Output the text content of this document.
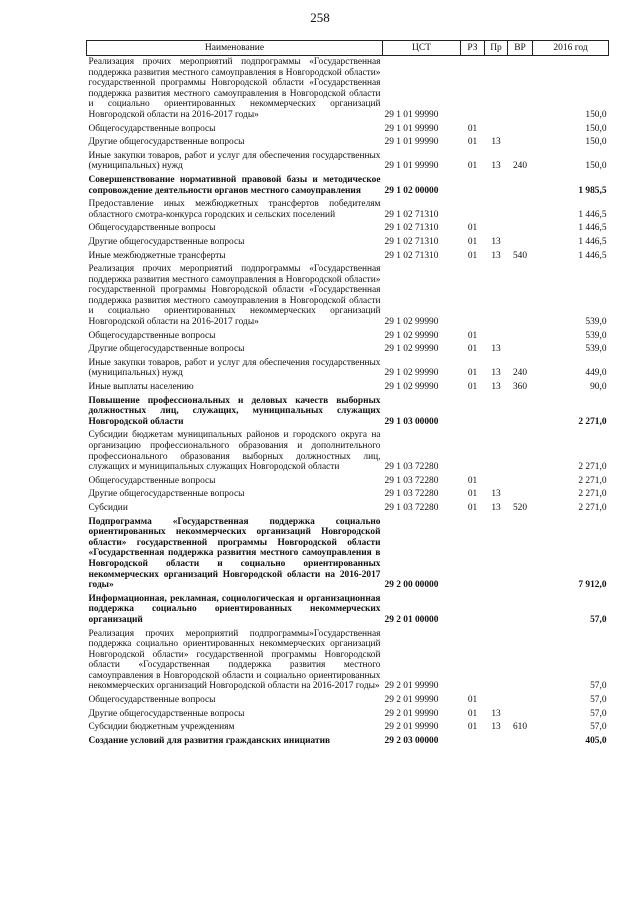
258
Наименование	ЦСТ	РЗ	Пр	ВР	2016 год
Реализация прочих мероприятий подпрограммы «Государственная поддержка развития местного самоуправления в Новгородской области» государственной программы Новгородской области «Государственная поддержка развития местного самоуправления в Новгородской области и социально ориентированных некоммерческих организаций Новгородской области на 2016-2017 годы»	29 1 01 99990				150,0
Общегосударственные вопросы	29 1 01 99990	01			150,0
Другие общегосударственные вопросы	29 1 01 99990	01	13		150,0
Иные закупки товаров, работ и услуг для обеспечения государственных (муниципальных) нужд	29 1 01 99990	01	13	240	150,0
Совершенствование нормативной правовой базы и методическое сопровождение деятельности органов местного самоуправления	29 1 02 00000				1 985,5
Предоставление иных межбюджетных трансфертов победителям областного смотра-конкурса городских и сельских поселений	29 1 02 71310				1 446,5
Общегосударственные вопросы	29 1 02 71310	01			1 446,5
Другие общегосударственные вопросы	29 1 02 71310	01	13		1 446,5
Иные межбюджетные трансферты	29 1 02 71310	01	13	540	1 446,5
Реализация прочих мероприятий подпрограммы «Государственная поддержка развития местного самоуправления в Новгородской области» государственной программы Новгородской области «Государственная поддержка развития местного самоуправления в Новгородской области и социально ориентированных некоммерческих организаций Новгородской области на 2016-2017 годы»	29 1 02 99990				539,0
Общегосударственные вопросы	29 1 02 99990	01			539,0
Другие общегосударственные вопросы	29 1 02 99990	01	13		539,0
Иные закупки товаров, работ и услуг для обеспечения государственных (муниципальных) нужд	29 1 02 99990	01	13	240	449,0
Иные выплаты населению	29 1 02 99990	01	13	360	90,0
Повышение профессиональных и деловых качеств выборных должностных лиц, служащих, муниципальных служащих Новгородской области	29 1 03 00000				2 271,0
Субсидии бюджетам муниципальных районов и городского округа на организацию профессионального образования и дополнительного профессионального образования выборных должностных лиц, служащих и муниципальных служащих Новгородской области	29 1 03 72280				2 271,0
Общегосударственные вопросы	29 1 03 72280	01			2 271,0
Другие общегосударственные вопросы	29 1 03 72280	01	13		2 271,0
Субсидии	29 1 03 72280	01	13	520	2 271,0
Подпрограмма «Государственная поддержка социально ориентированных некоммерческих организаций Новгородской области» государственной программы Новгородской области «Государственная поддержка развития местного самоуправления в Новгородской области и социально ориентированных некоммерческих организаций Новгородской области на 2016-2017 годы»	29 2 00 00000				7 912,0
Информационная, рекламная, социологическая и организационная поддержка социально ориентированных некоммерческих организаций	29 2 01 00000				57,0
Реализация прочих мероприятий подпрограммы»Государственная поддержка социально ориентированных некоммерческих организаций Новгородской области» государственной программы Новгородской области «Государственная поддержка развития местного самоуправления в Новгородской области и социально ориентированных некоммерческих организаций Новгородской области на 2016-2017 годы»	29 2 01 99990				57,0
Общегосударственные вопросы	29 2 01 99990	01			57,0
Другие общегосударственные вопросы	29 2 01 99990	01	13		57,0
Субсидии бюджетным учреждениям	29 2 01 99990	01	13	610	57,0
Создание условий для развития гражданских инициатив	29 2 03 00000				405,0
